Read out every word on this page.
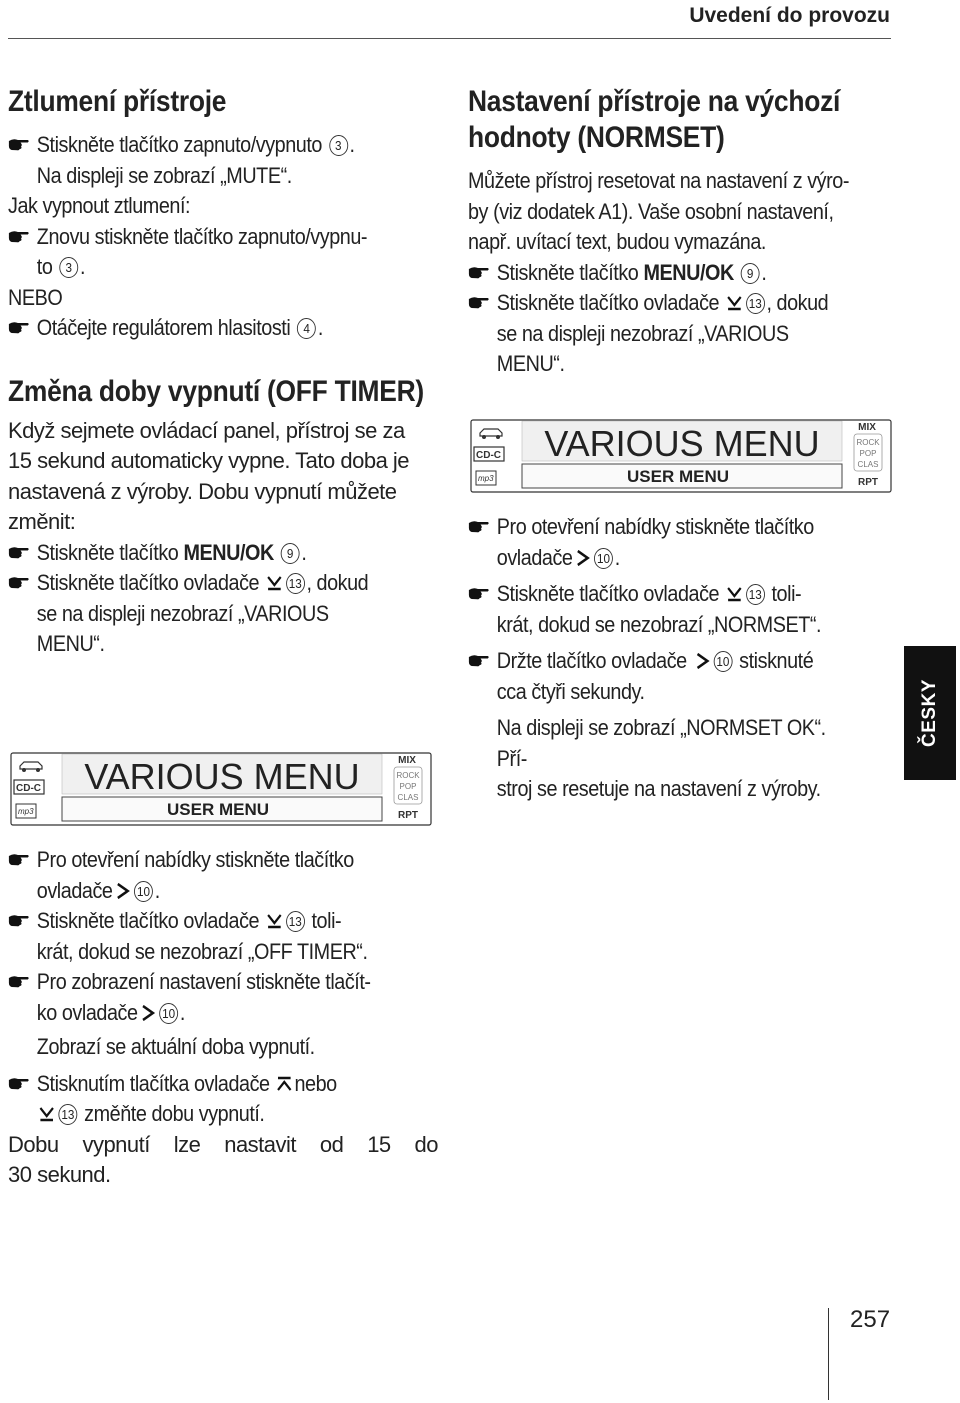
Uvedení do provozu
Ztlumení přístroje
Stiskněte tlačítko zapnuto/vypnuto 3 .
Na displeji se zobrazí „MUTE“.
Jak vypnout ztlumení:
Znovu stiskněte tlačítko zapnuto/vypnu-
to 3 .
NEBO
Otáčejte regulátorem hlasitosti 4 .
Změna doby vypnutí (OFF TIMER)
Když sejmete ovládací panel, přístroj se za
15 sekund automaticky vypne. Tato doba je
nastavená z výroby. Dobu vypnutí můžete
změnit:
Stiskněte tlačítko MENU/OK 9 .
Stiskněte tlačítko ovladače 13 , dokud
se na displeji nezobrazí „VARIOUS
MENU“.
CD-C
mp3
VARIOUS MENU
USER MENU
MIX
ROCK
POP
CLAS
RPT
Pro otevření nabídky stiskněte tlačítko
ovladače 10 .
Stiskněte tlačítko ovladače 13 toli-
krát, dokud se nezobrazí „OFF TIMER“.
Pro zobrazení nastavení stiskněte tlačít-
ko ovladače 10 .
Zobrazí se aktuální doba vypnutí.
Stisknutím tlačítka ovladače nebo
13 změňte dobu vypnutí.
Dobu vypnutí lze nastavit od 15 do
30 sekund.
Nastavení přístroje na výchozí
hodnoty (NORMSET)
Můžete přístroj resetovat na nastavení z výro-
by (viz dodatek A1). Vaše osobní nastavení,
např. uvítací text, budou vymazána.
Stiskněte tlačítko MENU/OK 9 .
Stiskněte tlačítko ovladače 13 , dokud
se na displeji nezobrazí „VARIOUS
MENU“.
CD-C
mp3
VARIOUS MENU
USER MENU
MIX
ROCK
POP
CLAS
RPT
Pro otevření nabídky stiskněte tlačítko
ovladače 10 .
Stiskněte tlačítko ovladače 13 toli-
krát, dokud se nezobrazí „NORMSET“.
Držte tlačítko ovladače 10 stisknuté
cca čtyři sekundy.
Na displeji se zobrazí „NORMSET OK“. Pří-
stroj se resetuje na nastavení z výroby.
ČESKY
257
